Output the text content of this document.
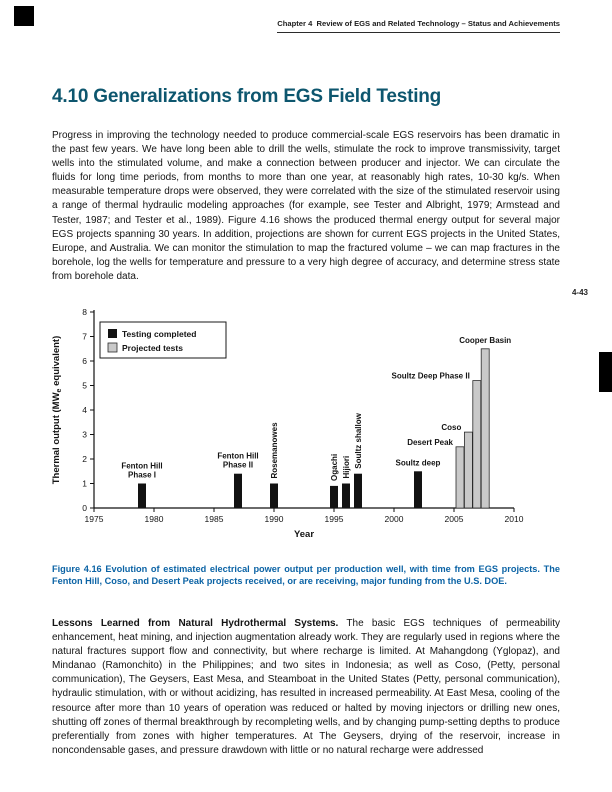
Chapter 4  Review of EGS and Related Technology – Status and Achievements
4.10 Generalizations from EGS Field Testing

Progress in improving the technology needed to produce commercial-scale EGS reservoirs has been dramatic in the past few years. We have long been able to drill the wells, stimulate the rock to improve transmissivity, target wells into the stimulated volume, and make a connection between producer and injector. We can circulate the fluids for long time periods, from months to more than one year, at reasonably high rates, 10-30 kg/s. When measurable temperature drops were observed, they were correlated with the size of the stimulated reservoir using a range of thermal hydraulic modeling approaches (for example, see Tester and Albright, 1979; Armstead and Tester, 1987; and Tester et al., 1989). Figure 4.16 shows the produced thermal energy output for several major EGS projects spanning 30 years. In addition, projections are shown for current EGS projects in the United States, Europe, and Australia. We can monitor the stimulation to map the fractured volume – we can map fractures in the borehole, log the wells for temperature and pressure to a very high degree of accuracy, and determine stress state from borehole data.

4-43
0
1
2
3
4
5
6
7
8
1975	1980	1985	1990	1995	2000	2005	2010
Year
Thermal output ($MW_e$ equivalent)
Fenton Hill
Phase I
Fenton Hill
Phase II Rosemanowes	Ogachi Hijiori Soultz shallow	Soultz deep
Desert Peak
Coso
Soultz Deep Phase II
Cooper Basin
Testing completed
Projected tests

Figure 4.16 Evolution of estimated electrical power output per production well, with time from EGS projects. The Fenton Hill, Coso, and Desert Peak projects received, or are receiving, major funding from the U.S. DOE.

Lessons Learned from Natural Hydrothermal Systems. The basic EGS techniques of permeability enhancement, heat mining, and injection augmentation already work. They are regularly used in regions where the natural fractures support flow and connectivity, but where recharge is limited. At Mahangdong (Yglopaz), and Mindanao (Ramonchito) in the Philippines; and two sites in Indonesia; as well as Coso, (Petty, personal communication), The Geysers, East Mesa, and Steamboat in the United States (Petty, personal communication), hydraulic stimulation, with or without acidizing, has resulted in increased permeability. At East Mesa, cooling of the resource after more than 10 years of operation was reduced or halted by moving injectors or drilling new ones, shutting off zones of thermal breakthrough by recompleting wells, and by changing pump-setting depths to produce preferentially from zones with higher temperatures. At The Geysers, drying of the reservoir, increase in noncondensable gases, and pressure drawdown with little or no natural recharge were addressed
